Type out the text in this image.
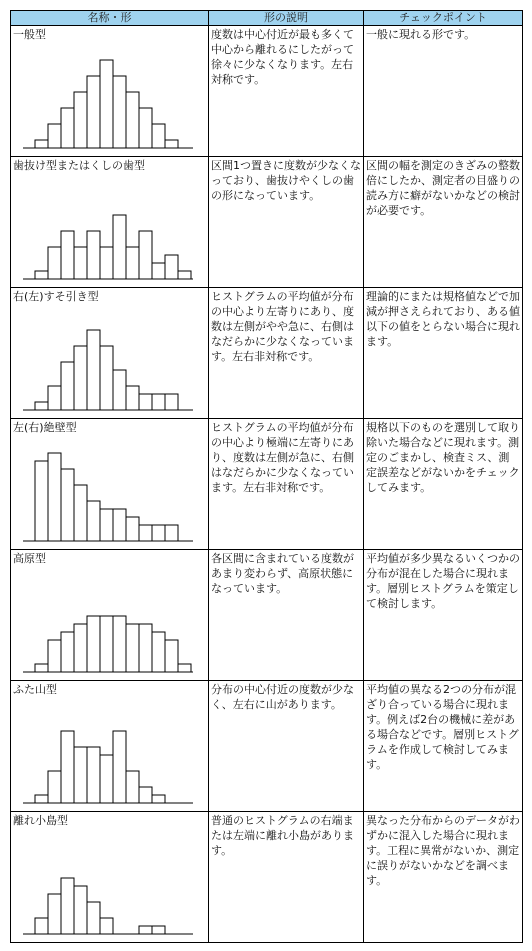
名称・形	形の説明	チェックポイント

一般型	度数は中心付近が最も多くて中心から離れるにしたがって徐々に少なくなります。左右対称です。	一般に現れる形です。

歯抜け型またはくしの歯型	区間1つ置きに度数が少なくなっており、歯抜けやくしの歯の形になっています。	区間の幅を測定のきざみの整数倍にしたか、測定者の目盛りの読み方に癖がないかなどの検討が必要です。

右(左)すそ引き型	ヒストグラムの平均値が分布の中心より左寄りにあり、度数は左側がやや急に、右側はなだらかに少なくなっています。左右非対称です。	理論的にまたは規格値などで加減が押さえられており、ある値以下の値をとらない場合に現れます。

左(右)絶壁型	ヒストグラムの平均値が分布の中心より極端に左寄りにあり、度数は左側が急に、右側はなだらかに少なくなっています。左右非対称です。	規格以下のものを選別して取り除いた場合などに現れます。測定のごまかし、検査ミス、測定誤差などがないかをチェックしてみます。

高原型	各区間に含まれている度数があまり変わらず、高原状態になっています。	平均値が多少異なるいくつかの分布が混在した場合に現れます。層別ヒストグラムを策定して検討します。

ふた山型	分布の中心付近の度数が少なく、左右に山があります。	平均値の異なる2つの分布が混ざり合っている場合に現れます。例えば2台の機械に差がある場合などです。層別ヒストグラムを作成して検討してみます。

離れ小島型	普通のヒストグラムの右端または左端に離れ小島があります。	異なった分布からのデータがわずかに混入した場合に現れます。工程に異常がないか、測定に誤りがないかなどを調べます。
